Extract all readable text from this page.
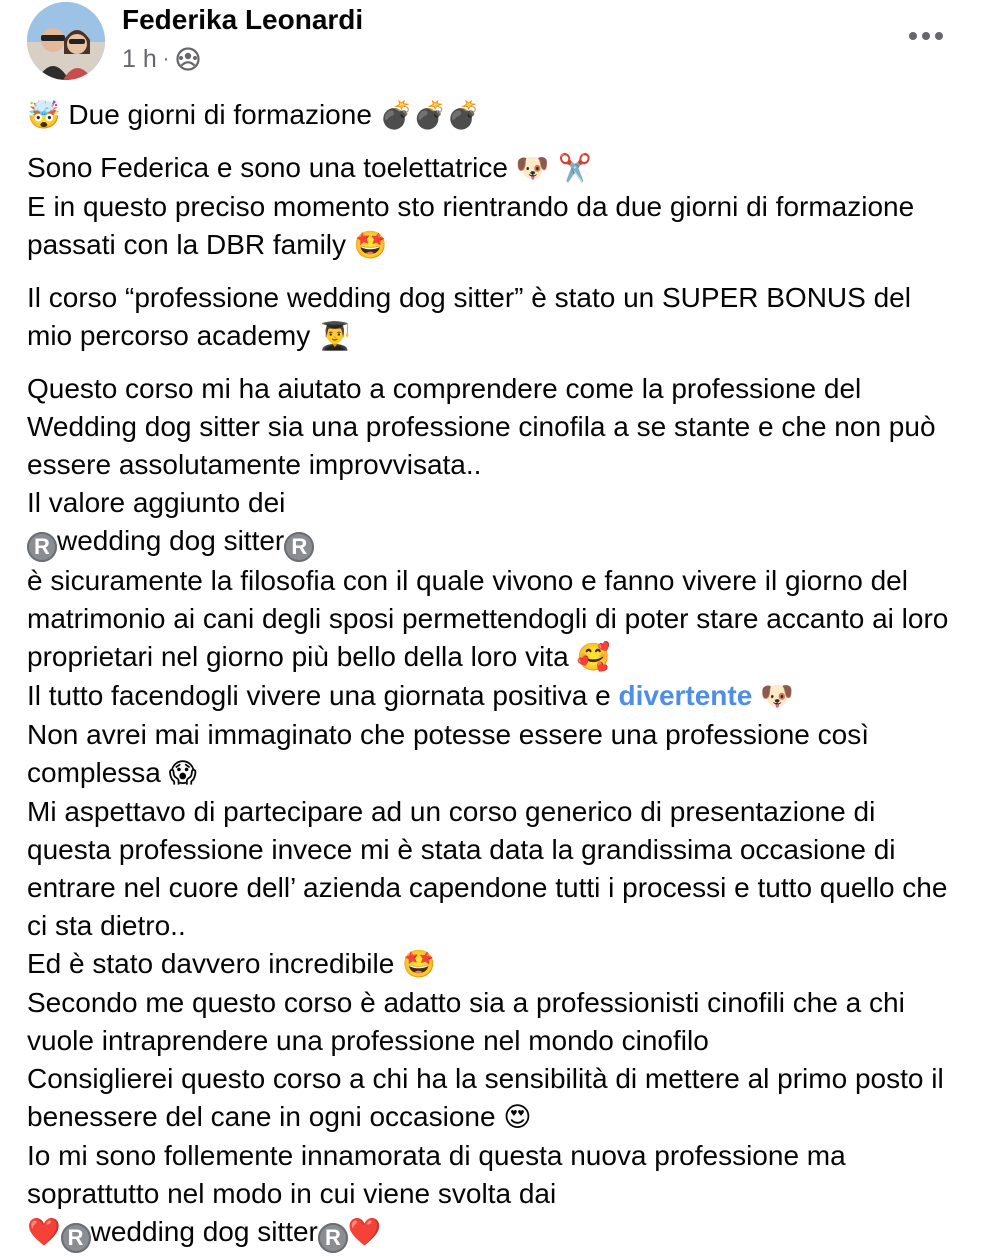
Federika Leonardi
1 h ·

🤯 Due giorni di formazione 💣💣💣

Sono Federica e sono una toelettatrice 🐶 ✂️
E in questo preciso momento sto rientrando da due giorni di formazione passati con la DBR family 🤩

Il corso “professione wedding dog sitter” è stato un SUPER BONUS del mio percorso academy 👨‍🎓

Questo corso mi ha aiutato a comprendere come la professione del Wedding dog sitter sia una professione cinofila a se stante e che non può essere assolutamente improvvisata..
Il valore aggiunto dei
R wedding dog sitter R
è sicuramente la filosofia con il quale vivono e fanno vivere il giorno del matrimonio ai cani degli sposi permettendogli di poter stare accanto ai loro proprietari nel giorno più bello della loro vita 🥰
Il tutto facendogli vivere una giornata positiva e divertente 🐶
Non avrei mai immaginato che potesse essere una professione così complessa 😱
Mi aspettavo di partecipare ad un corso generico di presentazione di questa professione invece mi è stata data la grandissima occasione di entrare nel cuore dell’ azienda capendone tutti i processi e tutto quello che ci sta dietro..
Ed è stato davvero incredibile 🤩
Secondo me questo corso è adatto sia a professionisti cinofili che a chi vuole intraprendere una professione nel mondo cinofilo
Consiglierei questo corso a chi ha la sensibilità di mettere al primo posto il benessere del cane in ogni occasione 😍
Io mi sono follemente innamorata di questa nuova professione ma soprattutto nel modo in cui viene svolta dai
❤️ R wedding dog sitter R ❤️
